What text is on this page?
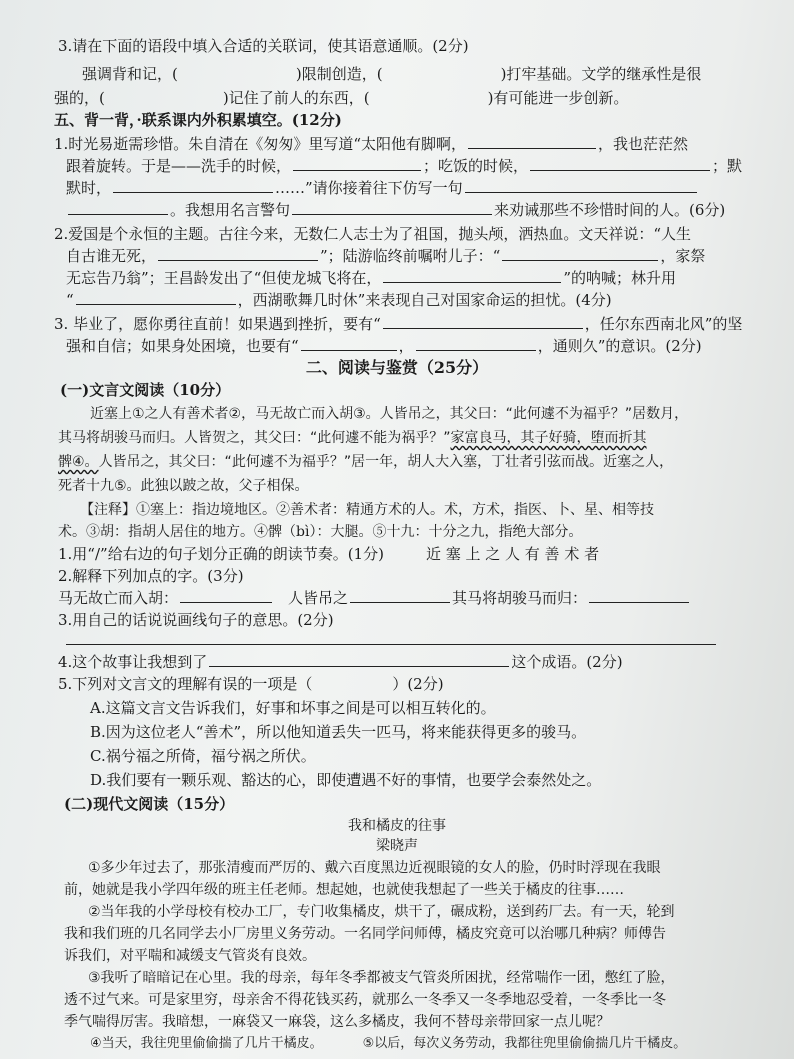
3.请在下面的语段中填入合适的关联词，使其语意通顺。(2分)
强调背和记，(	)限制创造，(	)打牢基础。文学的继承性是很
强的，(	)记住了前人的东西，(	)有可能进一步创新。
五、背一背，·联系课内外积累填空。(12分)
1.时光易逝需珍惜。朱自清在《匆匆》里写道“太阳他有脚啊，	，我也茫茫然
跟着旋转。于是——洗手的时候，	；吃饭的时候，	；默
默时，	……”请你接着往下仿写一句
。我想用名言警句	来劝诫那些不珍惜时间的人。(6分)
2.爱国是个永恒的主题。古往今来，无数仁人志士为了祖国，抛头颅，洒热血。文天祥说：“人生
自古谁无死，	”；陆游临终前嘱咐儿子：“	，家祭
无忘告乃翁”；王昌龄发出了“但使龙城飞将在，	”的呐喊；林升用
“	，西湖歌舞几时休”来表现自己对国家命运的担忧。(4分)
3. 毕业了，愿你勇往直前！如果遇到挫折，要有“	，任尔东西南北风”的坚
强和自信；如果身处困境，也要有“	，	，通则久”的意识。(2分)
二、阅读与鉴赏（25分）
(一)文言文阅读（10分）
近塞上①之人有善术者②，马无故亡而入胡③。人皆吊之，其父曰：“此何遽不为福乎？”居数月，
其马将胡骏马而归。人皆贺之，其父曰：“此何遽不能为祸乎？”家富良马，其子好骑，堕而折其
髀④。人皆吊之，其父曰：“此何遽不为福乎？”居一年，胡人大入塞，丁壮者引弦而战。近塞之人，
死者十九⑤。此独以跛之故，父子相保。
【注释】①塞上：指边境地区。②善术者：精通方术的人。术，方术，指医、卜、星、相等技
术。③胡：指胡人居住的地方。④髀（bì）：大腿。⑤十九：十分之九，指绝大部分。
1.用“/”给右边的句子划分正确的朗读节奏。(1分)	近 塞 上 之 人 有 善 术 者
2.解释下列加点的字。(3分)
马无故亡而入胡：	人皆吊之	其马将胡骏马而归：
3.用自己的话说说画线句子的意思。(2分)
4.这个故事让我想到了	这个成语。(2分)
5.下列对文言文的理解有误的一项是（	）(2分)
A.这篇文言文告诉我们，好事和坏事之间是可以相互转化的。
B.因为这位老人“善术”，所以他知道丢失一匹马，将来能获得更多的骏马。
C.祸兮福之所倚，福兮祸之所伏。
D.我们要有一颗乐观、豁达的心，即使遭遇不好的事情，也要学会泰然处之。
(二)现代文阅读（15分）
我和橘皮的往事
梁晓声
①多少年过去了，那张清瘦而严厉的、戴六百度黑边近视眼镜的女人的脸，仍时时浮现在我眼
前，她就是我小学四年级的班主任老师。想起她，也就使我想起了一些关于橘皮的往事……
②当年我的小学母校有校办工厂，专门收集橘皮，烘干了，碾成粉，送到药厂去。有一天，轮到
我和我们班的几名同学去小厂房里义务劳动。一名同学问师傅，橘皮究竟可以治哪几种病？师傅告
诉我们，对平喘和减缓支气管炎有良效。
③我听了暗暗记在心里。我的母亲，每年冬季都被支气管炎所困扰，经常喘作一团，憋红了脸，
透不过气来。可是家里穷，母亲舍不得花钱买药，就那么一冬季又一冬季地忍受着，一冬季比一冬
季气喘得厉害。我暗想，一麻袋又一麻袋，这么多橘皮，我何不替母亲带回家一点儿呢？
④当天，我往兜里偷偷揣了几片干橘皮。	⑤以后，每次义务劳动，我都往兜里偷偷揣几片干橘皮。
